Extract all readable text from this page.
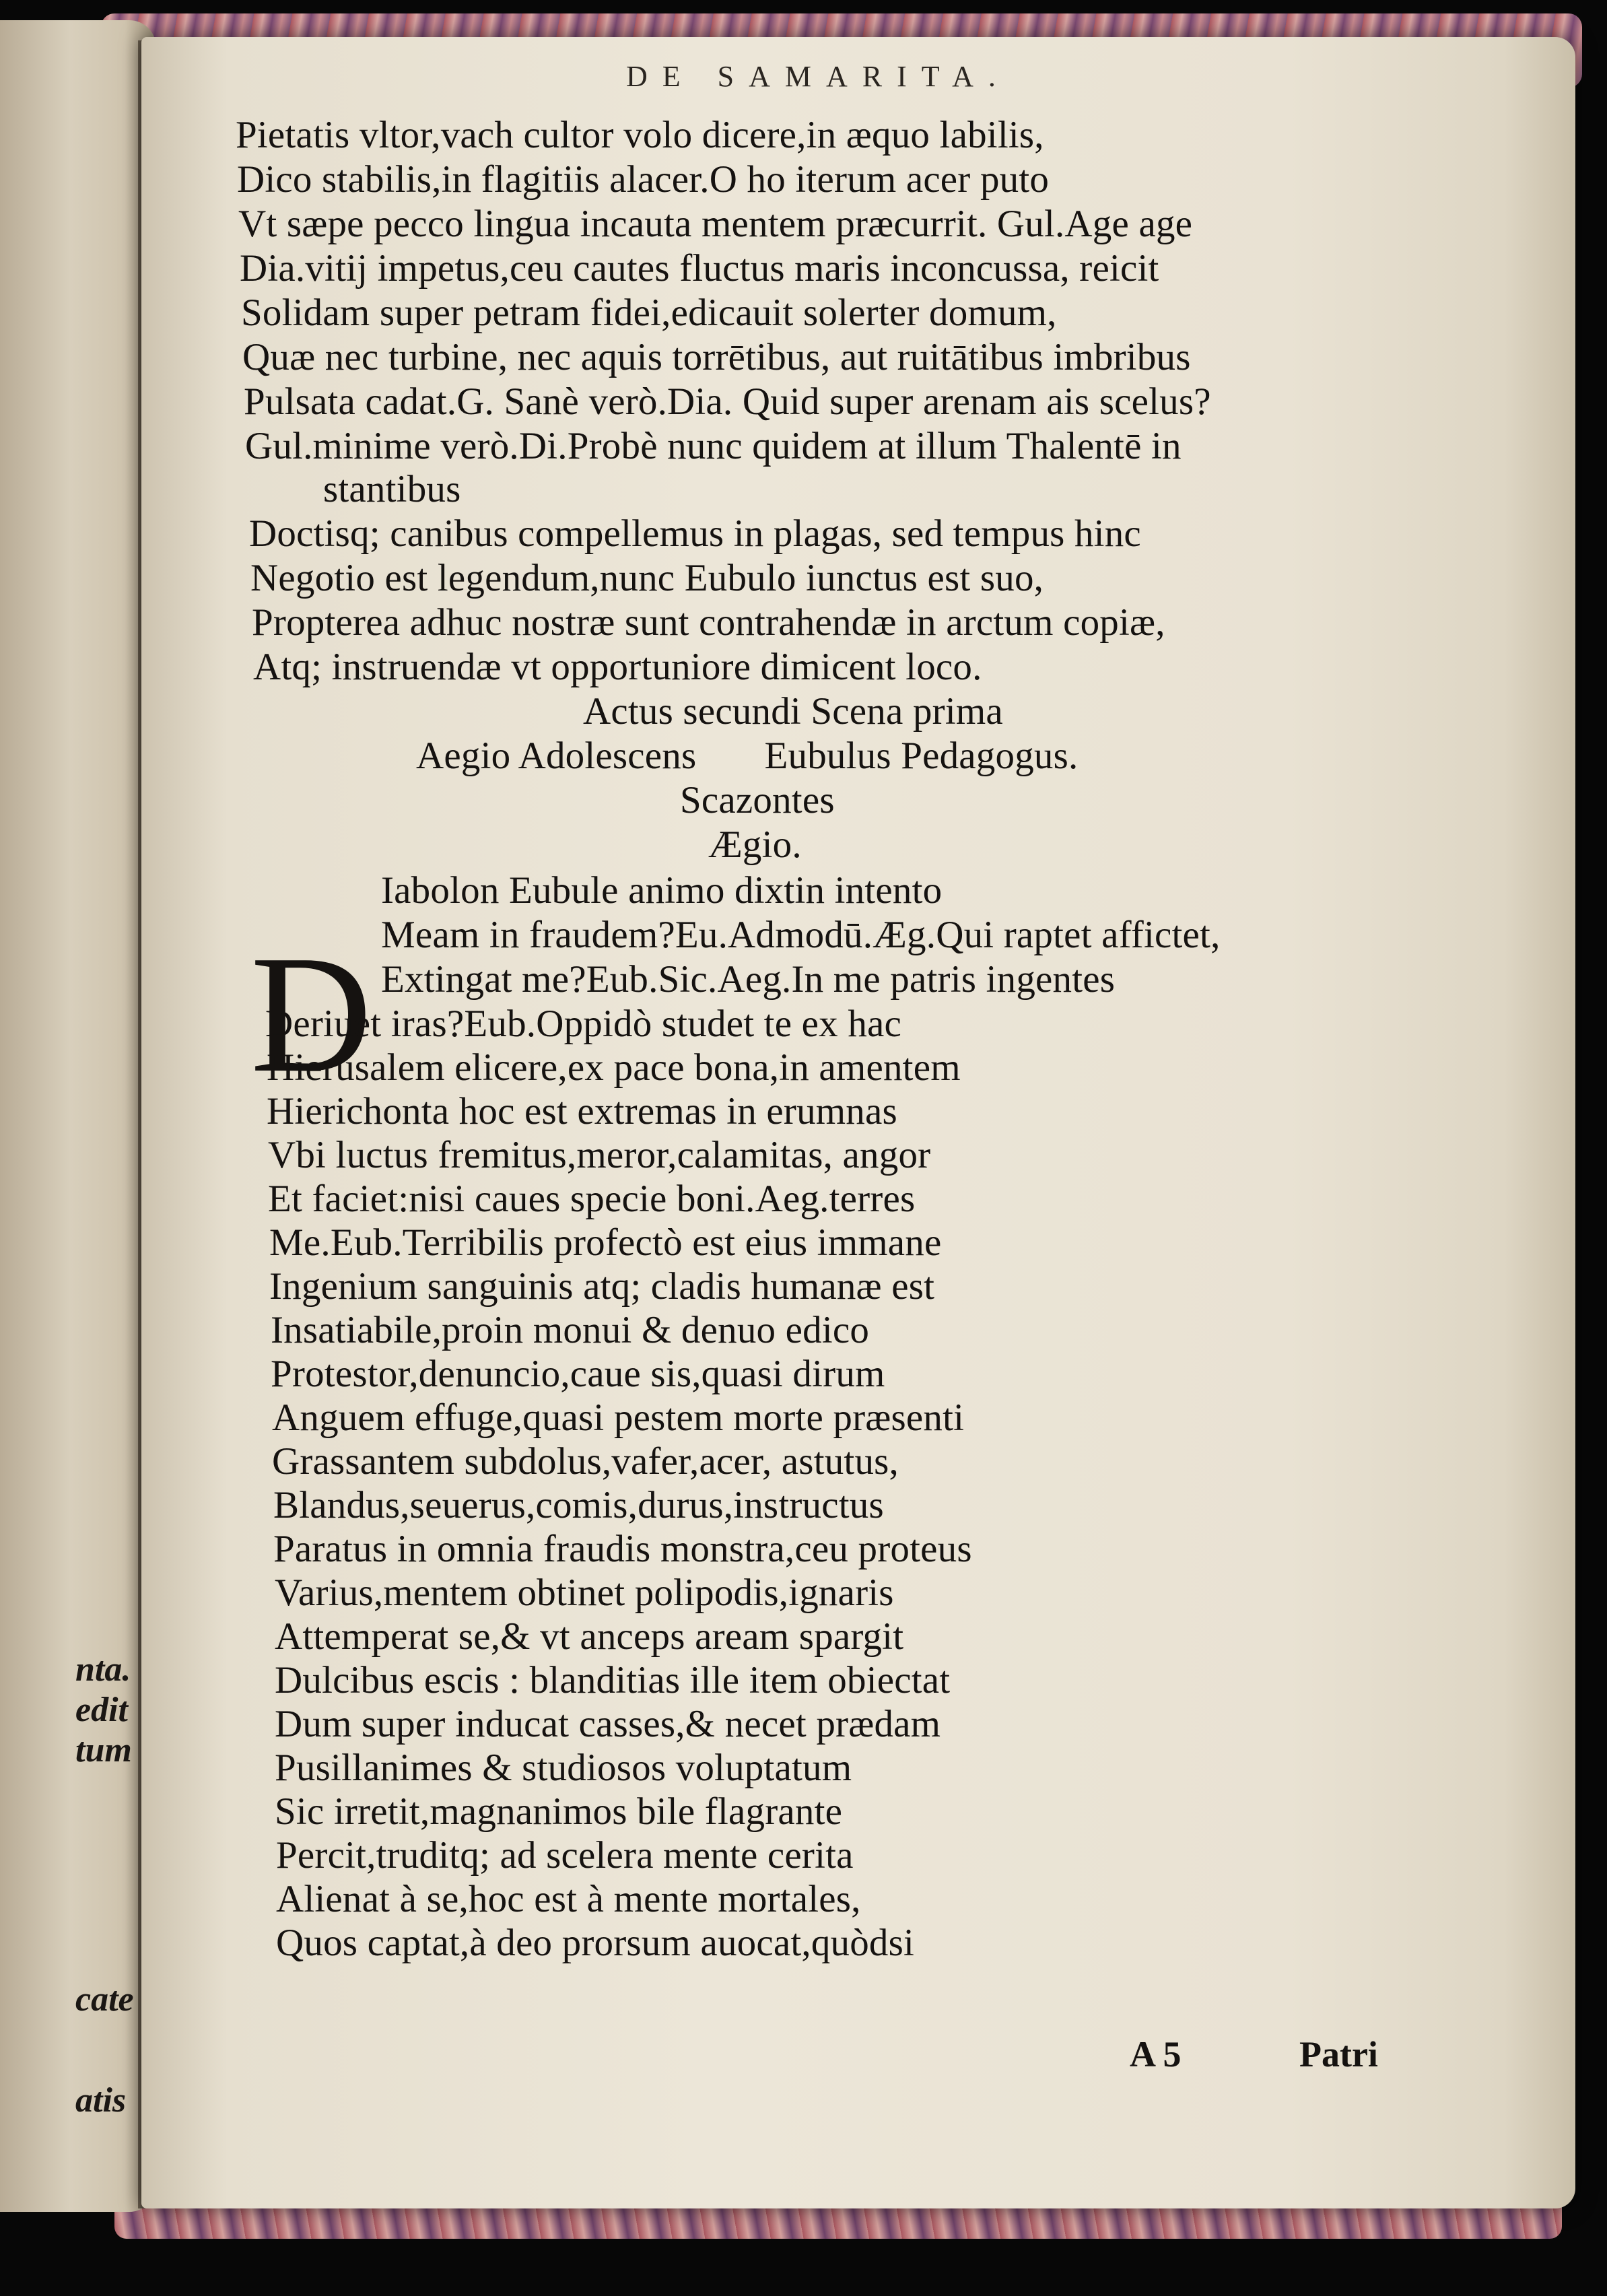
nta.
edit
tum
cate
atis
DE SAMARITA.
Pietatis vltor,vach cultor volo dicere,in æquo labilis,
Dico stabilis,in flagitiis alacer.O ho iterum acer puto
Vt sæpe pecco lingua incauta mentem præcurrit. Gul.Age age
Dia.vitij impetus,ceu cautes fluctus maris inconcussa, reicit
Solidam super petram fidei,edicauit solerter domum,
Quæ nec turbine, nec aquis torrētibus, aut ruitātibus imbribus
Pulsata cadat.G. Sanè verò.Dia. Quid super arenam ais scelus?
Gul.minime verò.Di.Probè nunc quidem at illum Thalentē in
stantibus
Doctisq; canibus compellemus in plagas, sed tempus hinc
Negotio est legendum,nunc Eubulo iunctus est suo,
Propterea adhuc nostræ sunt contrahendæ in arctum copiæ,
Atq; instruendæ vt opportuniore dimicent loco.
Actus secundi Scena prima
Aegio Adolescens       Eubulus Pedagogus.
Scazontes
Ægio.
D
Iabolon Eubule animo dixtin intento
Meam in fraudem?Eu.Admodū.Æg.Qui raptet affictet,
Extingat me?Eub.Sic.Aeg.In me patris ingentes
Deriuet iras?Eub.Oppidò studet te ex hac
Hierusalem elicere,ex pace bona,in amentem
Hierichonta hoc est extremas in erumnas
Vbi luctus fremitus,meror,calamitas, angor
Et faciet:nisi caues specie boni.Aeg.terres
Me.Eub.Terribilis profectò est eius immane
Ingenium sanguinis atq; cladis humanæ est
Insatiabile,proin monui & denuo edico
Protestor,denuncio,caue sis,quasi dirum
Anguem effuge,quasi pestem morte præsenti
Grassantem subdolus,vafer,acer, astutus,
Blandus,seuerus,comis,durus,instructus
Paratus in omnia fraudis monstra,ceu proteus
Varius,mentem obtinet polipodis,ignaris
Attemperat se,& vt anceps aream spargit
Dulcibus escis : blanditias ille item obiectat
Dum super inducat casses,& necet prædam
Pusillanimes & studiosos voluptatum
Sic irretit,magnanimos bile flagrante
Percit,truditq; ad scelera mente cerita
Alienat à se,hoc est à mente mortales,
Quos captat,à deo prorsum auocat,quòdsi
A 5	Patri
